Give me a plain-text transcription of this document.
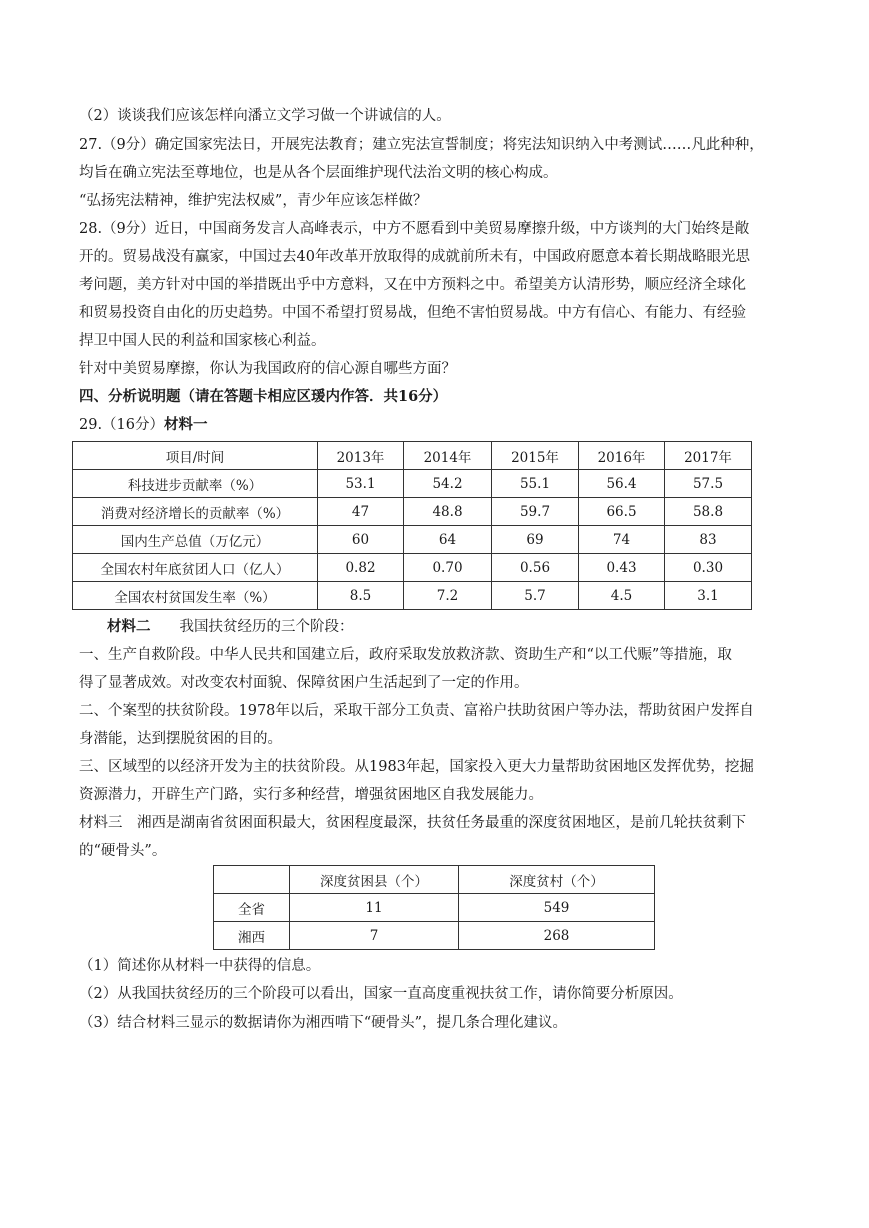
（2）谈谈我们应该怎样向潘立文学习做一个讲诚信的人。
27.（9分）确定国家宪法日，开展宪法教育；建立宪法宣誓制度；将宪法知识纳入中考测试……凡此种种，
均旨在确立宪法至尊地位，也是从各个层面维护现代法治文明的核心构成。
“弘扬宪法精神，维护宪法权威”，青少年应该怎样做？
28.（9分）近日，中国商务发言人高峰表示，中方不愿看到中美贸易摩擦升级，中方谈判的大门始终是敞
开的。贸易战没有赢家，中国过去40年改革开放取得的成就前所未有，中国政府愿意本着长期战略眼光思
考问题，美方针对中国的举措既出乎中方意料，又在中方预料之中。希望美方认清形势，顺应经济全球化
和贸易投资自由化的历史趋势。中国不希望打贸易战，但绝不害怕贸易战。中方有信心、有能力、有经验
捍卫中国人民的利益和国家核心利益。
针对中美贸易摩擦，你认为我国政府的信心源自哪些方面？
四、分析说明题（请在答题卡相应区瑗内作答．共16分）
29.（16分）材料一
项目/时间	2013年	2014年	2015年	2016年	2017年
科技进步贡献率（%）	53.1	54.2	55.1	56.4	57.5
消费对经济增长的贡献率（%）	47	48.8	59.7	66.5	58.8
国内生产总值（万亿元）	60	64	69	74	83
全国农村年底贫团人口（亿人）	0.82	0.70	0.56	0.43	0.30
全国农村贫国发生率（%）	8.5	7.2	5.7	4.5	3.1
材料二　　 我国扶贫经历的三个阶段：
一、生产自救阶段。中华人民共和国建立后，政府采取发放救济款、资助生产和“以工代赈”等措施，取
得了显著成效。对改变农村面貌、保障贫困户生活起到了一定的作用。
二、个案型的扶贫阶段。1978年以后，采取干部分工负责、富裕户扶助贫困户等办法，帮助贫困户发挥自
身潜能，达到摆脱贫困的目的。
三、区域型的以经济开发为主的扶贫阶段。从1983年起，国家投入更大力量帮助贫困地区发挥优势，挖掘
资源潜力，开辟生产门路，实行多种经营，增强贫困地区自我发展能力。
材料三　湘西是湖南省贫困面积最大，贫困程度最深，扶贫任务最重的深度贫困地区，是前几轮扶贫剩下
的“硬骨头”。
	深度贫困县（个）	深度贫村（个）
全省	11	549
湘西	7	268
（1）简述你从材料一中获得的信息。
（2）从我国扶贫经历的三个阶段可以看出，国家一直高度重视扶贫工作，请你简要分析原因。
（3）结合材料三显示的数据请你为湘西啃下“硬骨头”，提几条合理化建议。
